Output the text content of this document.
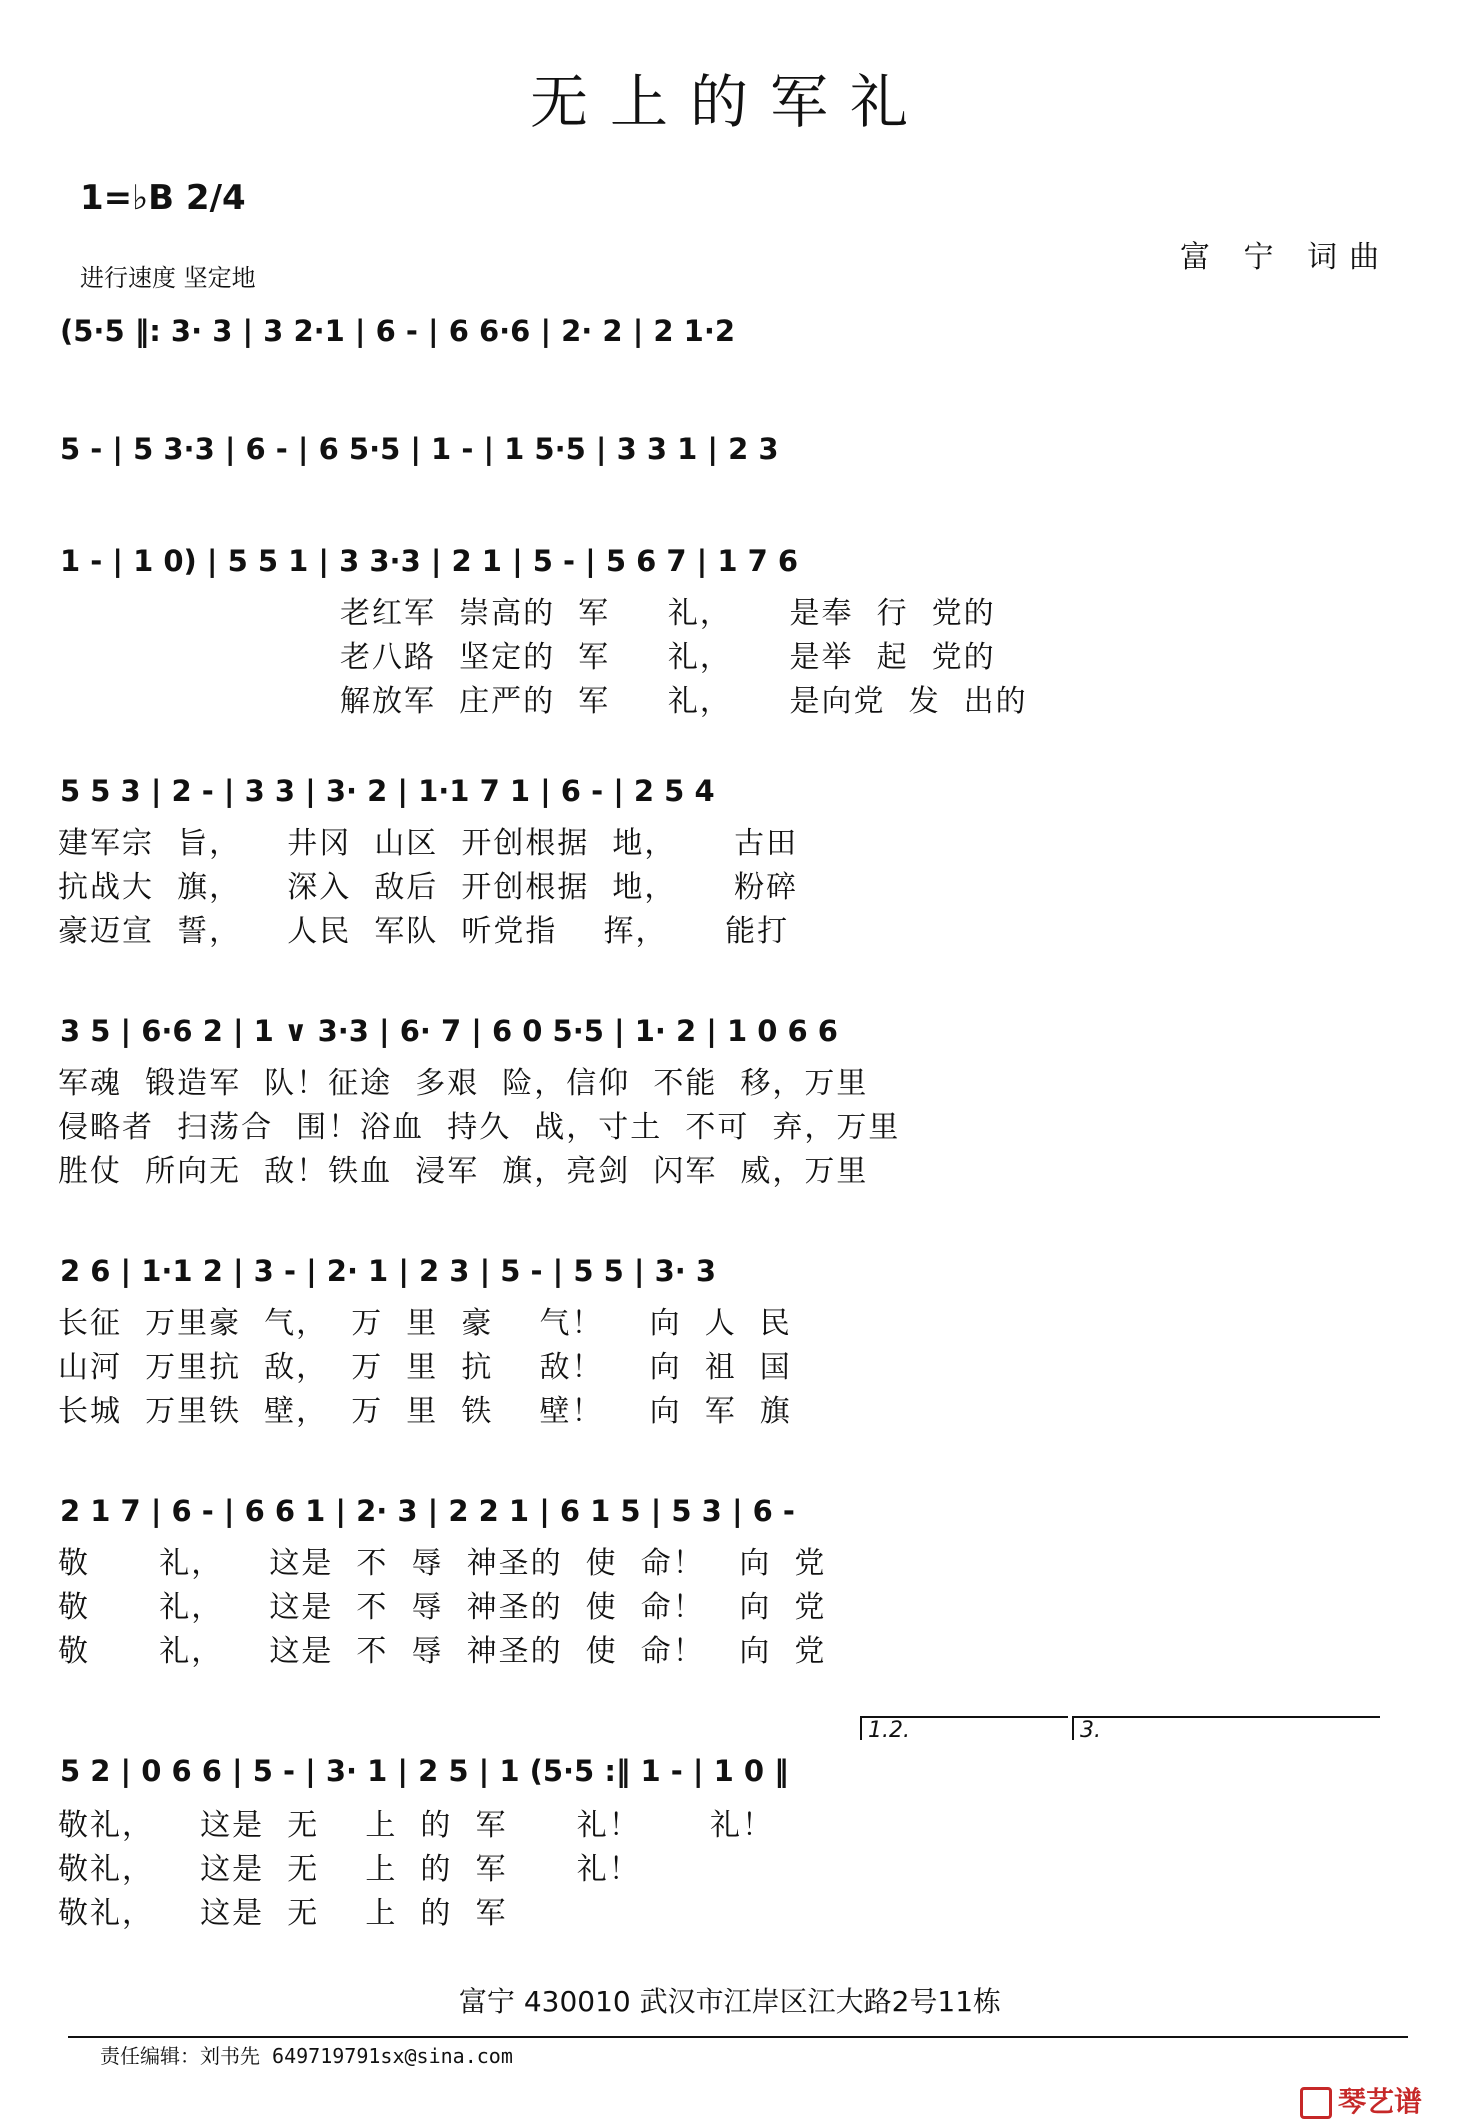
无上的军礼
1=♭B 2/4
进行速度 坚定地
富 宁 词曲
(5·5 ‖: 3· 3 | 3 2·1 | 6 - | 6 6·6 | 2· 2 | 2 1·2
5 - | 5 3·3 | 6 - | 6 5·5 | 1 - | 1 5·5 | 3 3 1 | 2 3
1 - | 1 0) | 5 5 1 | 3 3·3 | 2 1 | 5 - | 5 6 7 | 1 7 6
老红军  崇高的  军     礼，     是奉  行  党的
老八路  坚定的  军     礼，     是举  起  党的
解放军  庄严的  军     礼，     是向党  发  出的
5 5 3 | 2 - | 3 3 | 3· 2 | 1·1 7 1 | 6 - | 2 5 4
建军宗  旨，    井冈  山区  开创根据  地，     古田
抗战大  旗，    深入  敌后  开创根据  地，     粉碎
豪迈宣  誓，    人民  军队  听党指    挥，     能打
3 5 | 6·6 2 | 1 ∨ 3·3 | 6· 7 | 6 0 5·5 | 1· 2 | 1 0 6 6
军魂  锻造军  队！征途  多艰  险，信仰  不能  移，万里
侵略者  扫荡合  围！浴血  持久  战，寸土  不可  弃，万里
胜仗  所向无  敌！铁血  浸军  旗，亮剑  闪军  威，万里
2 6 | 1·1 2 | 3 - | 2· 1 | 2 3 | 5 - | 5 5 | 3· 3
长征  万里豪  气，  万  里  豪    气！    向  人  民
山河  万里抗  敌，  万  里  抗    敌！    向  祖  国
长城  万里铁  壁，  万  里  铁    壁！    向  军  旗
2 1 7 | 6 - | 6 6 1 | 2· 3 | 2 2 1 | 6 1 5 | 5 3 | 6 -
敬      礼，    这是  不  辱  神圣的  使  命！   向  党
敬      礼，    这是  不  辱  神圣的  使  命！   向  党
敬      礼，    这是  不  辱  神圣的  使  命！   向  党
1.2.	3.
5 2 | 0 6 6 | 5 - | 3· 1 | 2 5 | 1 (5·5 :‖ 1 - | 1 0 ‖
敬礼，    这是  无    上  的  军      礼！      礼！
敬礼，    这是  无    上  的  军      礼！
敬礼，    这是  无    上  的  军
富宁 430010 武汉市江岸区江大路2号11栋
责任编辑：刘书先 649719791sx@sina.com
琴艺谱
